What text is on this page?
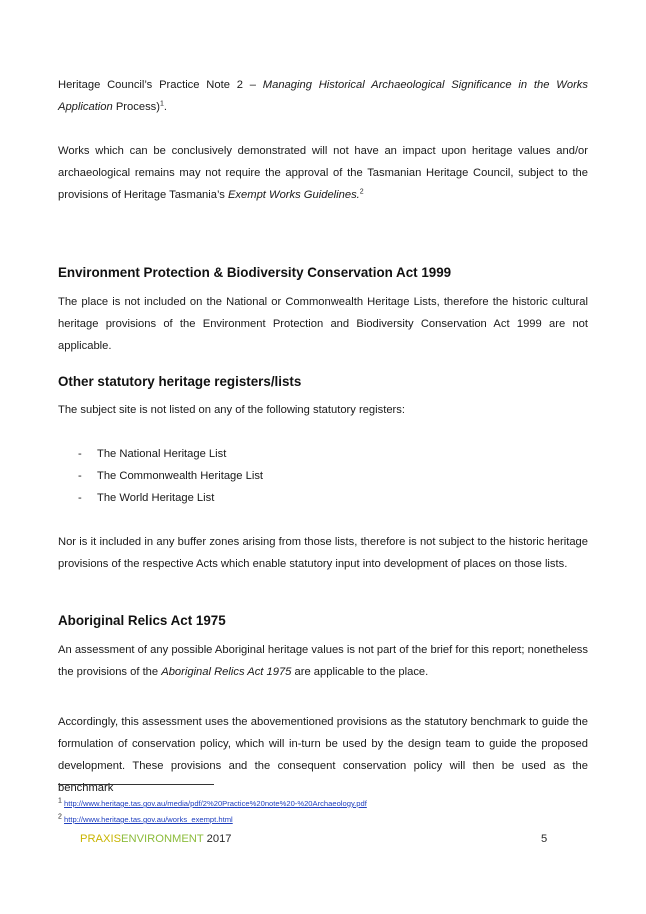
Heritage Council’s Practice Note 2 – Managing Historical Archaeological Significance in the Works Application Process)$^1$.

Works which can be conclusively demonstrated will not have an impact upon heritage values and/or archaeological remains may not require the approval of the Tasmanian Heritage Council, subject to the provisions of Heritage Tasmania’s Exempt Works Guidelines.$^2$

Environment Protection & Biodiversity Conservation Act 1999

The place is not included on the National or Commonwealth Heritage Lists, therefore the historic cultural heritage provisions of the Environment Protection and Biodiversity Conservation Act 1999 are not applicable.

Other statutory heritage registers/lists

The subject site is not listed on any of the following statutory registers:

- The National Heritage List

- The Commonwealth Heritage List

- The World Heritage List

Nor is it included in any buffer zones arising from those lists, therefore is not subject to the historic heritage provisions of the respective Acts which enable statutory input into development of places on those lists.

Aboriginal Relics Act 1975

An assessment of any possible Aboriginal heritage values is not part of the brief for this report; nonetheless the provisions of the Aboriginal Relics Act 1975 are applicable to the place.

Accordingly, this assessment uses the abovementioned provisions as the statutory benchmark to guide the formulation of conservation policy, which will in-turn be used by the design team to guide the proposed development. These provisions and the consequent conservation policy will then be used as the benchmark

$^1$ http://www.heritage.tas.gov.au/media/pdf/2%20Practice%20note%20-%20Archaeology.pdf
$^2$ http://www.heritage.tas.gov.au/works_exempt.html
PRAXISENVIRONMENT 2017	5
